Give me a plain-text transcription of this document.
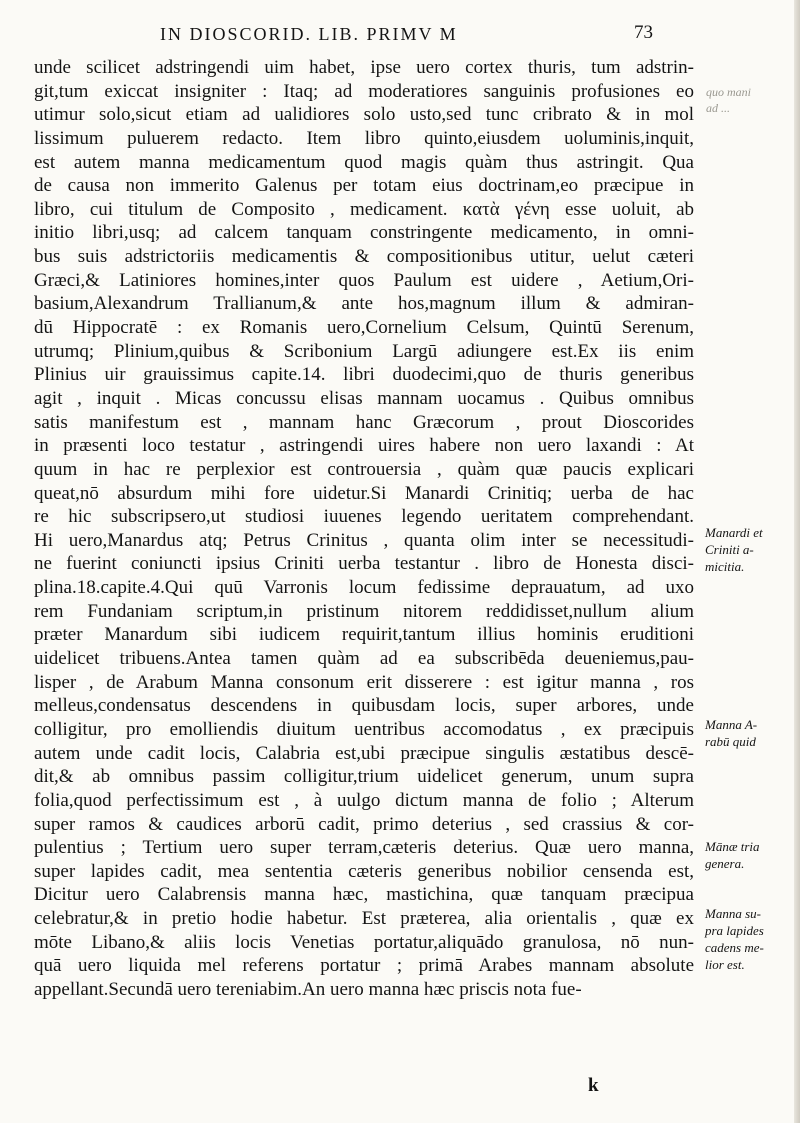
IN DIOSCORID. LIB. PRIMV M	73
quo mani
ad ...
unde scilicet adstringendi uim habet, ipse uero cortex thuris, tum adstrin-
git,tum exiccat insigniter : Itaq; ad moderatiores sanguinis profusiones eo
utimur solo,sicut etiam ad ualidiores solo usto,sed tunc cribrato & in mol
lissimum puluerem redacto. Item libro quinto,eiusdem uoluminis,inquit,
est autem manna medicamentum quod magis quàm thus astringit. Qua
de causa non immerito Galenus per totam eius doctrinam,eo præcipue in
libro, cui titulum de Composito , medicament. κατὰ γένη esse uoluit, ab
initio libri,usq; ad calcem tanquam constringente medicamento, in omni-
bus suis adstrictoriis medicamentis & compositionibus utitur, uelut cæteri
Græci,& Latiniores homines,inter quos Paulum est uidere , Aetium,Ori-
basium,Alexandrum Trallianum,& ante hos,magnum illum & admiran-
dū Hippocratē : ex Romanis uero,Cornelium Celsum, Quintū Serenum,
utrumq; Plinium,quibus & Scribonium Largū adiungere est.Ex iis enim
Plinius uir grauissimus capite.14. libri duodecimi,quo de thuris generibus
agit , inquit . Micas concussu elisas mannam uocamus . Quibus omnibus
satis manifestum est , mannam hanc Græcorum , prout Dioscorides
in præsenti loco testatur , astringendi uires habere non uero laxandi : At
quum in hac re perplexior est controuersia , quàm quæ paucis explicari
queat,nō absurdum mihi fore uidetur.Si Manardi Crinitiq; uerba de hac
re hic subscripsero,ut studiosi iuuenes legendo ueritatem comprehendant.
Hi uero,Manardus atq; Petrus Crinitus , quanta olim inter se necessitudi-
ne fuerint coniuncti ipsius Criniti uerba testantur . libro de Honesta disci-
plina.18.capite.4.Qui quū Varronis locum fedissime deprauatum, ad uxo
rem Fundaniam scriptum,in pristinum nitorem reddidisset,nullum alium
præter Manardum sibi iudicem requirit,tantum illius hominis eruditioni
uidelicet tribuens.Antea tamen quàm ad ea subscribēda deueniemus,pau-
lisper , de Arabum Manna consonum erit disserere : est igitur manna , ros
melleus,condensatus descendens in quibusdam locis, super arbores, unde
colligitur, pro emolliendis diuitum uentribus accomodatus , ex præcipuis
autem unde cadit locis, Calabria est,ubi præcipue singulis æstatibus descē-
dit,& ab omnibus passim colligitur,trium uidelicet generum, unum supra
folia,quod perfectissimum est , à uulgo dictum manna de folio ; Alterum
super ramos & caudices arborū cadit, primo deterius , sed crassius & cor-
pulentius ; Tertium uero super terram,cæteris deterius. Quæ uero manna,
super lapides cadit, mea sententia cæteris generibus nobilior censenda est,
Dicitur uero Calabrensis manna hæc, mastichina, quæ tanquam præcipua
celebratur,& in pretio hodie habetur. Est præterea, alia orientalis , quæ ex
mōte Libano,& aliis locis Venetias portatur,aliquādo granulosa, nō nun-
quā uero liquida mel referens portatur ; primā Arabes mannam absolute
appellant.Secundā uero tereniabim.An uero manna hæc priscis nota fue-
Manardi et
Criniti a-
micitia.
Manna A-
rabū quid
Mānæ tria
genera.
Manna su-
pra lapides
cadens me-
lior est.
k
